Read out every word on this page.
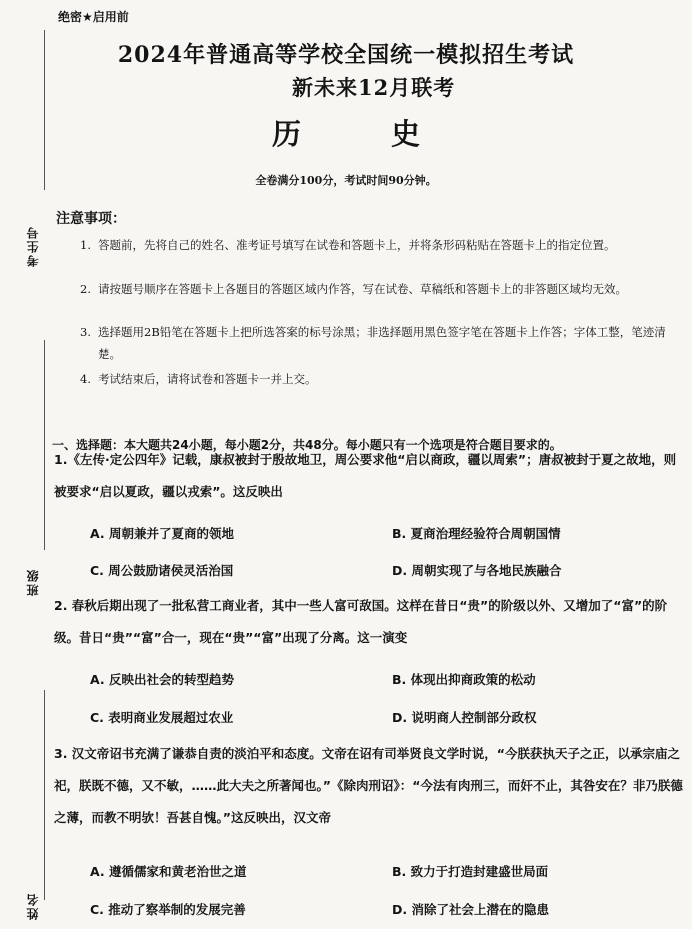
考生号
班级
姓名
绝密★启用前
2024年普通高等学校全国统一模拟招生考试
新未来12月联考
历 史
全卷满分100分，考试时间90分钟。
注意事项：
1. 答题前，先将自己的姓名、准考证号填写在试卷和答题卡上，并将条形码粘贴在答题卡上的指定位置。
2. 请按题号顺序在答题卡上各题目的答题区域内作答，写在试卷、草稿纸和答题卡上的非答题区域均无效。
3. 选择题用2B铅笔在答题卡上把所选答案的标号涂黑；非选择题用黑色签字笔在答题卡上作答；字体工整，笔迹清楚。
4. 考试结束后，请将试卷和答题卡一并上交。
一、选择题：本大题共24小题，每小题2分，共48分。每小题只有一个选项是符合题目要求的。
1.《左传·定公四年》记载，康叔被封于殷故地卫，周公要求他“启以商政，疆以周索”；唐叔被封于夏之故地，则被要求“启以夏政，疆以戎索”。这反映出
A. 周朝兼并了夏商的领地	B. 夏商治理经验符合周朝国情
C. 周公鼓励诸侯灵活治国	D. 周朝实现了与各地民族融合
2. 春秋后期出现了一批私营工商业者，其中一些人富可敌国。这样在昔日“贵”的阶级以外、又增加了“富”的阶级。昔日“贵”“富”合一，现在“贵”“富”出现了分离。这一演变
A. 反映出社会的转型趋势	B. 体现出抑商政策的松动
C. 表明商业发展超过农业	D. 说明商人控制部分政权
3. 汉文帝诏书充满了谦恭自责的淡泊平和态度。文帝在诏有司举贤良文学时说，“今朕获执天子之正，以承宗庙之祀，朕既不德，又不敏，……此大夫之所著闻也。”《除肉刑诏》：“今法有肉刑三，而奸不止，其咎安在？非乃朕德之薄，而教不明欤！吾甚自愧。”这反映出，汉文帝
A. 遵循儒家和黄老治世之道	B. 致力于打造封建盛世局面
C. 推动了察举制的发展完善	D. 消除了社会上潜在的隐患
